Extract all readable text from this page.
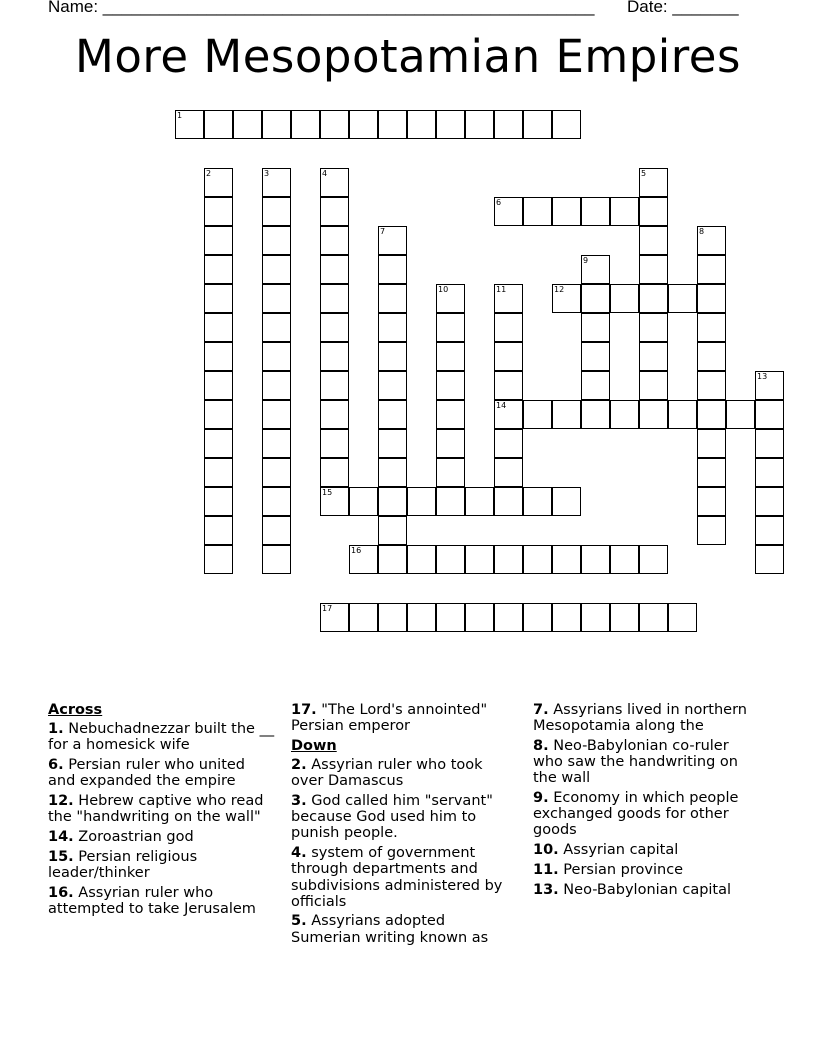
Name: ____________________________________________________ Date: _______
More Mesopotamian Empires
1
6
12
14
15
16
17
2	3	4	5
7	8
9
10	11
13
Across
1. Nebuchadnezzar built the __ for a homesick wife
6. Persian ruler who united and expanded the empire
12. Hebrew captive who read the "handwriting on the wall"
14. Zoroastrian god
15. Persian religious leader/thinker
16. Assyrian ruler who attempted to take Jerusalem
17. "The Lord's annointed" Persian emperor
Down
2. Assyrian ruler who took over Damascus
3. God called him "servant" because God used him to punish people.
4. system of government through departments and subdivisions administered by officials
5. Assyrians adopted Sumerian writing known as
7. Assyrians lived in northern Mesopotamia along the
8. Neo-Babylonian co-ruler who saw the handwriting on the wall
9. Economy in which people exchanged goods for other goods
10. Assyrian capital
11. Persian province
13. Neo-Babylonian capital
